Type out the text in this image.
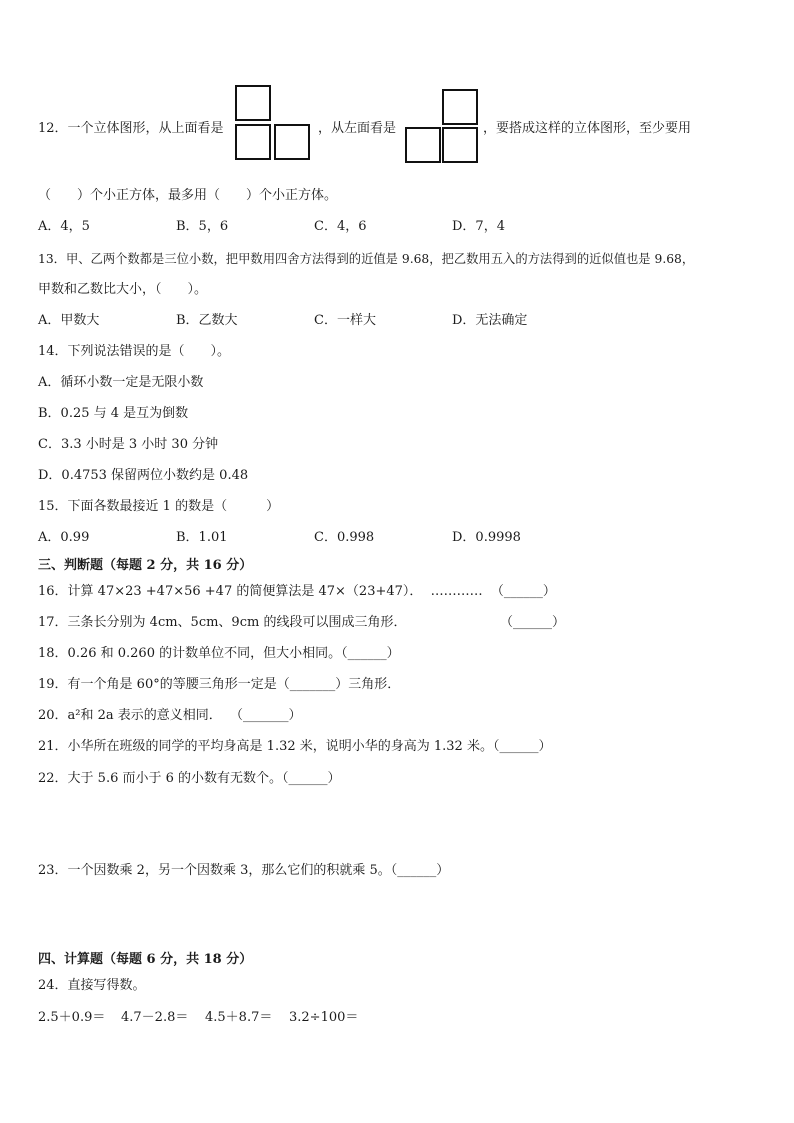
12．一个立体图形，从上面看是	，从左面看是	，要搭成这样的立体图形，至少要用
（　　）个小正方体，最多用（　　）个小正方体。
A．4，5	B．5，6	C．4，6	D．7，4
13．甲、乙两个数都是三位小数，把甲数用四舍方法得到的近值是 9.68，把乙数用五入的方法得到的近似值也是 9.68，
甲数和乙数比大小，（　　）。
A．甲数大	B．乙数大	C．一样大	D．无法确定
14．下列说法错误的是（　　）。
A．循环小数一定是无限小数
B．0.25 与 4 是互为倒数
C．3.3 小时是 3 小时 30 分钟
D．0.4753 保留两位小数约是 0.48
15．下面各数最接近 1 的数是（　　　）
A．0.99	B．1.01	C．0.998	D．0.9998
三、判断题（每题 2 分，共 16 分）
16．计算 47×23 +47×56 +47 的简便算法是 47×（23+47）．  …………  （______）
17．三条长分别为 4cm、5cm、9cm 的线段可以围成三角形．	（______）
18．0.26 和 0.260 的计数单位不同，但大小相同。（______）
19．有一个角是 60°的等腰三角形一定是（_______）三角形．
20．a²和 2a 表示的意义相同．  （_______）
21．小华所在班级的同学的平均身高是 1.32 米，说明小华的身高为 1.32 米。（______）
22．大于 5.6 而小于 6 的小数有无数个。（______）
23．一个因数乘 2，另一个因数乘 3，那么它们的积就乘 5。（______）
四、计算题（每题 6 分，共 18 分）
24．直接写得数。
2.5＋0.9＝ 4.7－2.8＝ 4.5＋8.7＝ 3.2÷100＝
